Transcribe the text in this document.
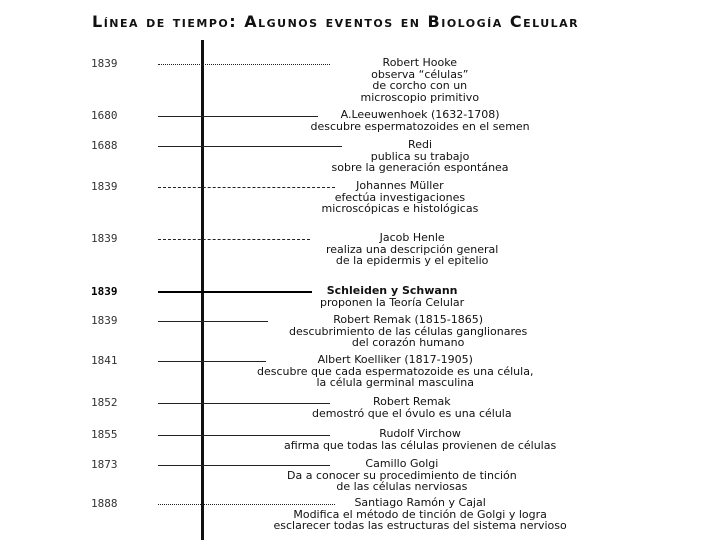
Línea de tiempo: Algunos eventos en Biología Celular
1839	Robert Hooke
observa “células”
de corcho con un
microscopio primitivo
1680	A.Leeuwenhoek (1632-1708)
descubre espermatozoides en el semen
1688	Redi
publica su trabajo
sobre la generación espontánea
1839	Johannes Müller
efectúa investigaciones
microscópicas e histológicas
1839	Jacob Henle
realiza una descripción general
de la epidermis y el epitelio
1839	Schleiden y Schwann
proponen la Teoría Celular
1839	Robert Remak (1815-1865)
descubrimiento de las células ganglionares
del corazón humano
1841	Albert Koelliker (1817-1905)
descubre que cada espermatozoide es una célula,
la célula germinal masculina
1852	Robert Remak
demostró que el óvulo es una célula
1855	Rudolf Virchow
afirma que todas las células provienen de células
1873	Camillo Golgi
Da a conocer su procedimiento de tinción
de las células nerviosas
1888	Santiago Ramón y Cajal
Modifica el método de tinción de Golgi y logra
esclarecer todas las estructuras del sistema nervioso
